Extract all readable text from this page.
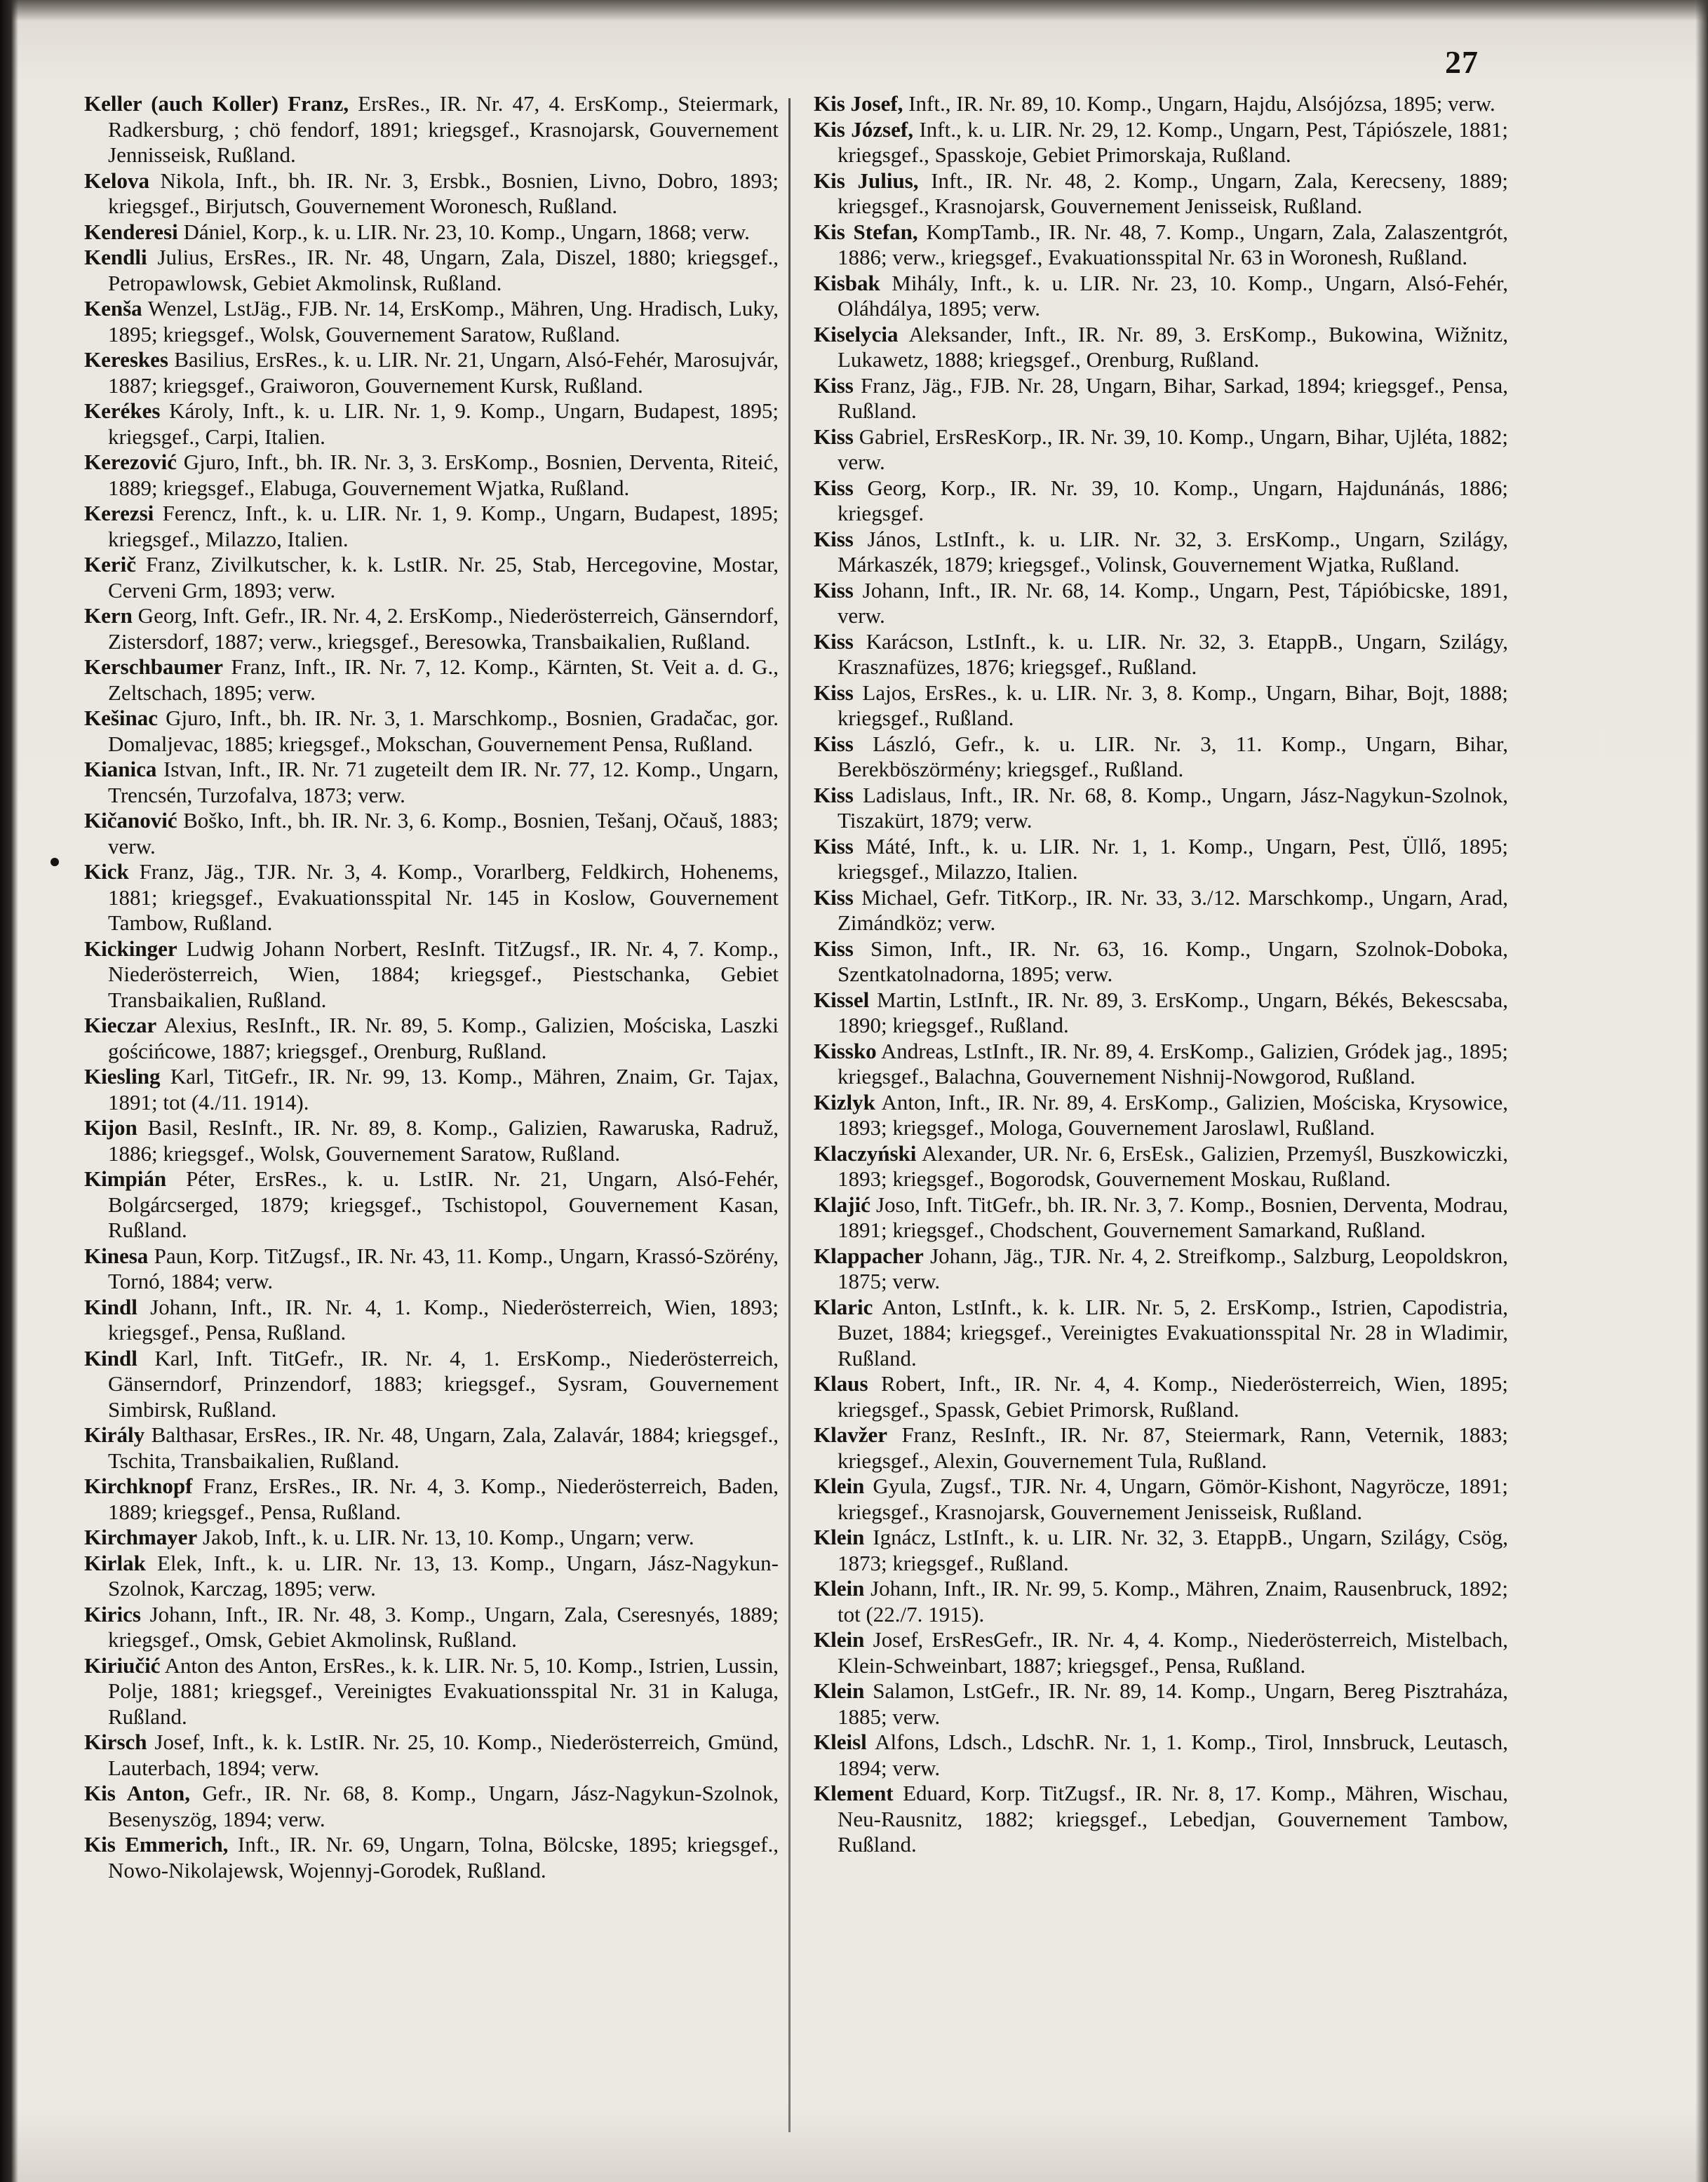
27

Keller (auch Koller) Franz, ErsRes., IR. Nr. 47, 4. ErsKomp., Steiermark, Radkersburg, ; chö fendorf, 1891; kriegsgef., Krasnojarsk, Gouvernement Jennisseisk, Rußland.

Kelova Nikola, Inft., bh. IR. Nr. 3, Ersbk., Bosnien, Livno, Dobro, 1893; kriegsgef., Birjutsch, Gouvernement Woronesch, Rußland.

Kenderesi Dániel, Korp., k. u. LIR. Nr. 23, 10. Komp., Ungarn, 1868; verw.

Kendli Julius, ErsRes., IR. Nr. 48, Ungarn, Zala, Diszel, 1880; kriegsgef., Petropawlowsk, Gebiet Akmolinsk, Rußland.

Kenša Wenzel, LstJäg., FJB. Nr. 14, ErsKomp., Mähren, Ung. Hradisch, Luky, 1895; kriegsgef., Wolsk, Gouvernement Saratow, Rußland.

Kereskes Basilius, ErsRes., k. u. LIR. Nr. 21, Ungarn, Alsó-Fehér, Marosujvár, 1887; kriegsgef., Graiworon, Gouvernement Kursk, Rußland.

Kerékes Károly, Inft., k. u. LIR. Nr. 1, 9. Komp., Ungarn, Budapest, 1895; kriegsgef., Carpi, Italien.

Kerezović Gjuro, Inft., bh. IR. Nr. 3, 3. ErsKomp., Bosnien, Derventa, Riteić, 1889; kriegsgef., Elabuga, Gouvernement Wjatka, Rußland.

Kerezsi Ferencz, Inft., k. u. LIR. Nr. 1, 9. Komp., Ungarn, Budapest, 1895; kriegsgef., Milazzo, Italien.

Kerič Franz, Zivilkutscher, k. k. LstIR. Nr. 25, Stab, Hercegovine, Mostar, Cerveni Grm, 1893; verw.

Kern Georg, Inft. Gefr., IR. Nr. 4, 2. ErsKomp., Niederösterreich, Gänserndorf, Zistersdorf, 1887; verw., kriegsgef., Beresowka, Transbaikalien, Rußland.

Kerschbaumer Franz, Inft., IR. Nr. 7, 12. Komp., Kärnten, St. Veit a. d. G., Zeltschach, 1895; verw.

Kešinac Gjuro, Inft., bh. IR. Nr. 3, 1. Marschkomp., Bosnien, Gradačac, gor. Domaljevac, 1885; kriegsgef., Mokschan, Gouvernement Pensa, Rußland.

Kianica Istvan, Inft., IR. Nr. 71 zugeteilt dem IR. Nr. 77, 12. Komp., Ungarn, Trencsén, Turzofalva, 1873; verw.

Kičanović Boško, Inft., bh. IR. Nr. 3, 6. Komp., Bosnien, Tešanj, Očauš, 1883; verw.

Kick Franz, Jäg., TJR. Nr. 3, 4. Komp., Vorarlberg, Feldkirch, Hohenems, 1881; kriegsgef., Evakuationsspital Nr. 145 in Koslow, Gouvernement Tambow, Rußland.

Kickinger Ludwig Johann Norbert, ResInft. TitZugsf., IR. Nr. 4, 7. Komp., Niederösterreich, Wien, 1884; kriegsgef., Piestschanka, Gebiet Transbaikalien, Rußland.

Kieczar Alexius, ResInft., IR. Nr. 89, 5. Komp., Galizien, Mościska, Laszki gościńcowe, 1887; kriegsgef., Orenburg, Rußland.

Kiesling Karl, TitGefr., IR. Nr. 99, 13. Komp., Mähren, Znaim, Gr. Tajax, 1891; tot (4./11. 1914).

Kijon Basil, ResInft., IR. Nr. 89, 8. Komp., Galizien, Rawaruska, Radruž, 1886; kriegsgef., Wolsk, Gouvernement Saratow, Rußland.

Kimpián Péter, ErsRes., k. u. LstIR. Nr. 21, Ungarn, Alsó-Fehér, Bolgárcserged, 1879; kriegsgef., Tschistopol, Gouvernement Kasan, Rußland.

Kinesa Paun, Korp. TitZugsf., IR. Nr. 43, 11. Komp., Ungarn, Krassó-Szörény, Tornó, 1884; verw.

Kindl Johann, Inft., IR. Nr. 4, 1. Komp., Niederösterreich, Wien, 1893; kriegsgef., Pensa, Rußland.

Kindl Karl, Inft. TitGefr., IR. Nr. 4, 1. ErsKomp., Niederösterreich, Gänserndorf, Prinzendorf, 1883; kriegsgef., Sysram, Gouvernement Simbirsk, Rußland.

Király Balthasar, ErsRes., IR. Nr. 48, Ungarn, Zala, Zalavár, 1884; kriegsgef., Tschita, Transbaikalien, Rußland.

Kirchknopf Franz, ErsRes., IR. Nr. 4, 3. Komp., Niederösterreich, Baden, 1889; kriegsgef., Pensa, Rußland.

Kirchmayer Jakob, Inft., k. u. LIR. Nr. 13, 10. Komp., Ungarn; verw.

Kirlak Elek, Inft., k. u. LIR. Nr. 13, 13. Komp., Ungarn, Jász-Nagykun-Szolnok, Karczag, 1895; verw.

Kirics Johann, Inft., IR. Nr. 48, 3. Komp., Ungarn, Zala, Cseresnyés, 1889; kriegsgef., Omsk, Gebiet Akmolinsk, Rußland.

Kiriučić Anton des Anton, ErsRes., k. k. LIR. Nr. 5, 10. Komp., Istrien, Lussin, Polje, 1881; kriegsgef., Vereinigtes Evakuationsspital Nr. 31 in Kaluga, Rußland.

Kirsch Josef, Inft., k. k. LstIR. Nr. 25, 10. Komp., Niederösterreich, Gmünd, Lauterbach, 1894; verw.

Kis Anton, Gefr., IR. Nr. 68, 8. Komp., Ungarn, Jász-Nagykun-Szolnok, Besenyszög, 1894; verw.

Kis Emmerich, Inft., IR. Nr. 69, Ungarn, Tolna, Bölcske, 1895; kriegsgef., Nowo-Nikolajewsk, Wojennyj-Gorodek, Rußland.

Kis Josef, Inft., IR. Nr. 89, 10. Komp., Ungarn, Hajdu, Alsójózsa, 1895; verw.

Kis József, Inft., k. u. LIR. Nr. 29, 12. Komp., Ungarn, Pest, Tápiószele, 1881; kriegsgef., Spasskoje, Gebiet Primorskaja, Rußland.

Kis Julius, Inft., IR. Nr. 48, 2. Komp., Ungarn, Zala, Kerecseny, 1889; kriegsgef., Krasnojarsk, Gouvernement Jenisseisk, Rußland.

Kis Stefan, KompTamb., IR. Nr. 48, 7. Komp., Ungarn, Zala, Zalaszentgrót, 1886; verw., kriegsgef., Evakuationsspital Nr. 63 in Woronesh, Rußland.

Kisbak Mihály, Inft., k. u. LIR. Nr. 23, 10. Komp., Ungarn, Alsó-Fehér, Oláhdálya, 1895; verw.

Kiselycia Aleksander, Inft., IR. Nr. 89, 3. ErsKomp., Bukowina, Wižnitz, Lukawetz, 1888; kriegsgef., Orenburg, Rußland.

Kiss Franz, Jäg., FJB. Nr. 28, Ungarn, Bihar, Sarkad, 1894; kriegsgef., Pensa, Rußland.

Kiss Gabriel, ErsResKorp., IR. Nr. 39, 10. Komp., Ungarn, Bihar, Ujléta, 1882; verw.

Kiss Georg, Korp., IR. Nr. 39, 10. Komp., Ungarn, Hajdunánás, 1886; kriegsgef.

Kiss János, LstInft., k. u. LIR. Nr. 32, 3. ErsKomp., Ungarn, Szilágy, Márkaszék, 1879; kriegsgef., Volinsk, Gouvernement Wjatka, Rußland.

Kiss Johann, Inft., IR. Nr. 68, 14. Komp., Ungarn, Pest, Tápióbicske, 1891, verw.

Kiss Karácson, LstInft., k. u. LIR. Nr. 32, 3. EtappB., Ungarn, Szilágy, Krasznafüzes, 1876; kriegsgef., Rußland.

Kiss Lajos, ErsRes., k. u. LIR. Nr. 3, 8. Komp., Ungarn, Bihar, Bojt, 1888; kriegsgef., Rußland.

Kiss László, Gefr., k. u. LIR. Nr. 3, 11. Komp., Ungarn, Bihar, Berekböszörmény; kriegsgef., Rußland.

Kiss Ladislaus, Inft., IR. Nr. 68, 8. Komp., Ungarn, Jász-Nagykun-Szolnok, Tiszakürt, 1879; verw.

Kiss Máté, Inft., k. u. LIR. Nr. 1, 1. Komp., Ungarn, Pest, Üllő, 1895; kriegsgef., Milazzo, Italien.

Kiss Michael, Gefr. TitKorp., IR. Nr. 33, 3./12. Marschkomp., Ungarn, Arad, Zimándköz; verw.

Kiss Simon, Inft., IR. Nr. 63, 16. Komp., Ungarn, Szolnok-Doboka, Szentkatolnadorna, 1895; verw.

Kissel Martin, LstInft., IR. Nr. 89, 3. ErsKomp., Ungarn, Békés, Bekescsaba, 1890; kriegsgef., Rußland.

Kissko Andreas, LstInft., IR. Nr. 89, 4. ErsKomp., Galizien, Gródek jag., 1895; kriegsgef., Balachna, Gouvernement Nishnij-Nowgorod, Rußland.

Kizlyk Anton, Inft., IR. Nr. 89, 4. ErsKomp., Galizien, Mościska, Krysowice, 1893; kriegsgef., Mologa, Gouvernement Jaroslawl, Rußland.

Klaczyński Alexander, UR. Nr. 6, ErsEsk., Galizien, Przemyśl, Buszkowiczki, 1893; kriegsgef., Bogorodsk, Gouvernement Moskau, Rußland.

Klajić Joso, Inft. TitGefr., bh. IR. Nr. 3, 7. Komp., Bosnien, Derventa, Modrau, 1891; kriegsgef., Chodschent, Gouvernement Samarkand, Rußland.

Klappacher Johann, Jäg., TJR. Nr. 4, 2. Streifkomp., Salzburg, Leopoldskron, 1875; verw.

Klaric Anton, LstInft., k. k. LIR. Nr. 5, 2. ErsKomp., Istrien, Capodistria, Buzet, 1884; kriegsgef., Vereinigtes Evakuationsspital Nr. 28 in Wladimir, Rußland.

Klaus Robert, Inft., IR. Nr. 4, 4. Komp., Niederösterreich, Wien, 1895; kriegsgef., Spassk, Gebiet Primorsk, Rußland.

Klavžer Franz, ResInft., IR. Nr. 87, Steiermark, Rann, Veternik, 1883; kriegsgef., Alexin, Gouvernement Tula, Rußland.

Klein Gyula, Zugsf., TJR. Nr. 4, Ungarn, Gömör-Kishont, Nagyröcze, 1891; kriegsgef., Krasnojarsk, Gouvernement Jenisseisk, Rußland.

Klein Ignácz, LstInft., k. u. LIR. Nr. 32, 3. EtappB., Ungarn, Szilágy, Csög, 1873; kriegsgef., Rußland.

Klein Johann, Inft., IR. Nr. 99, 5. Komp., Mähren, Znaim, Rausenbruck, 1892; tot (22./7. 1915).

Klein Josef, ErsResGefr., IR. Nr. 4, 4. Komp., Niederösterreich, Mistelbach, Klein-Schweinbart, 1887; kriegsgef., Pensa, Rußland.

Klein Salamon, LstGefr., IR. Nr. 89, 14. Komp., Ungarn, Bereg Pisztraháza, 1885; verw.

Kleisl Alfons, Ldsch., LdschR. Nr. 1, 1. Komp., Tirol, Innsbruck, Leutasch, 1894; verw.

Klement Eduard, Korp. TitZugsf., IR. Nr. 8, 17. Komp., Mähren, Wischau, Neu-Rausnitz, 1882; kriegsgef., Lebedjan, Gouvernement Tambow, Rußland.
